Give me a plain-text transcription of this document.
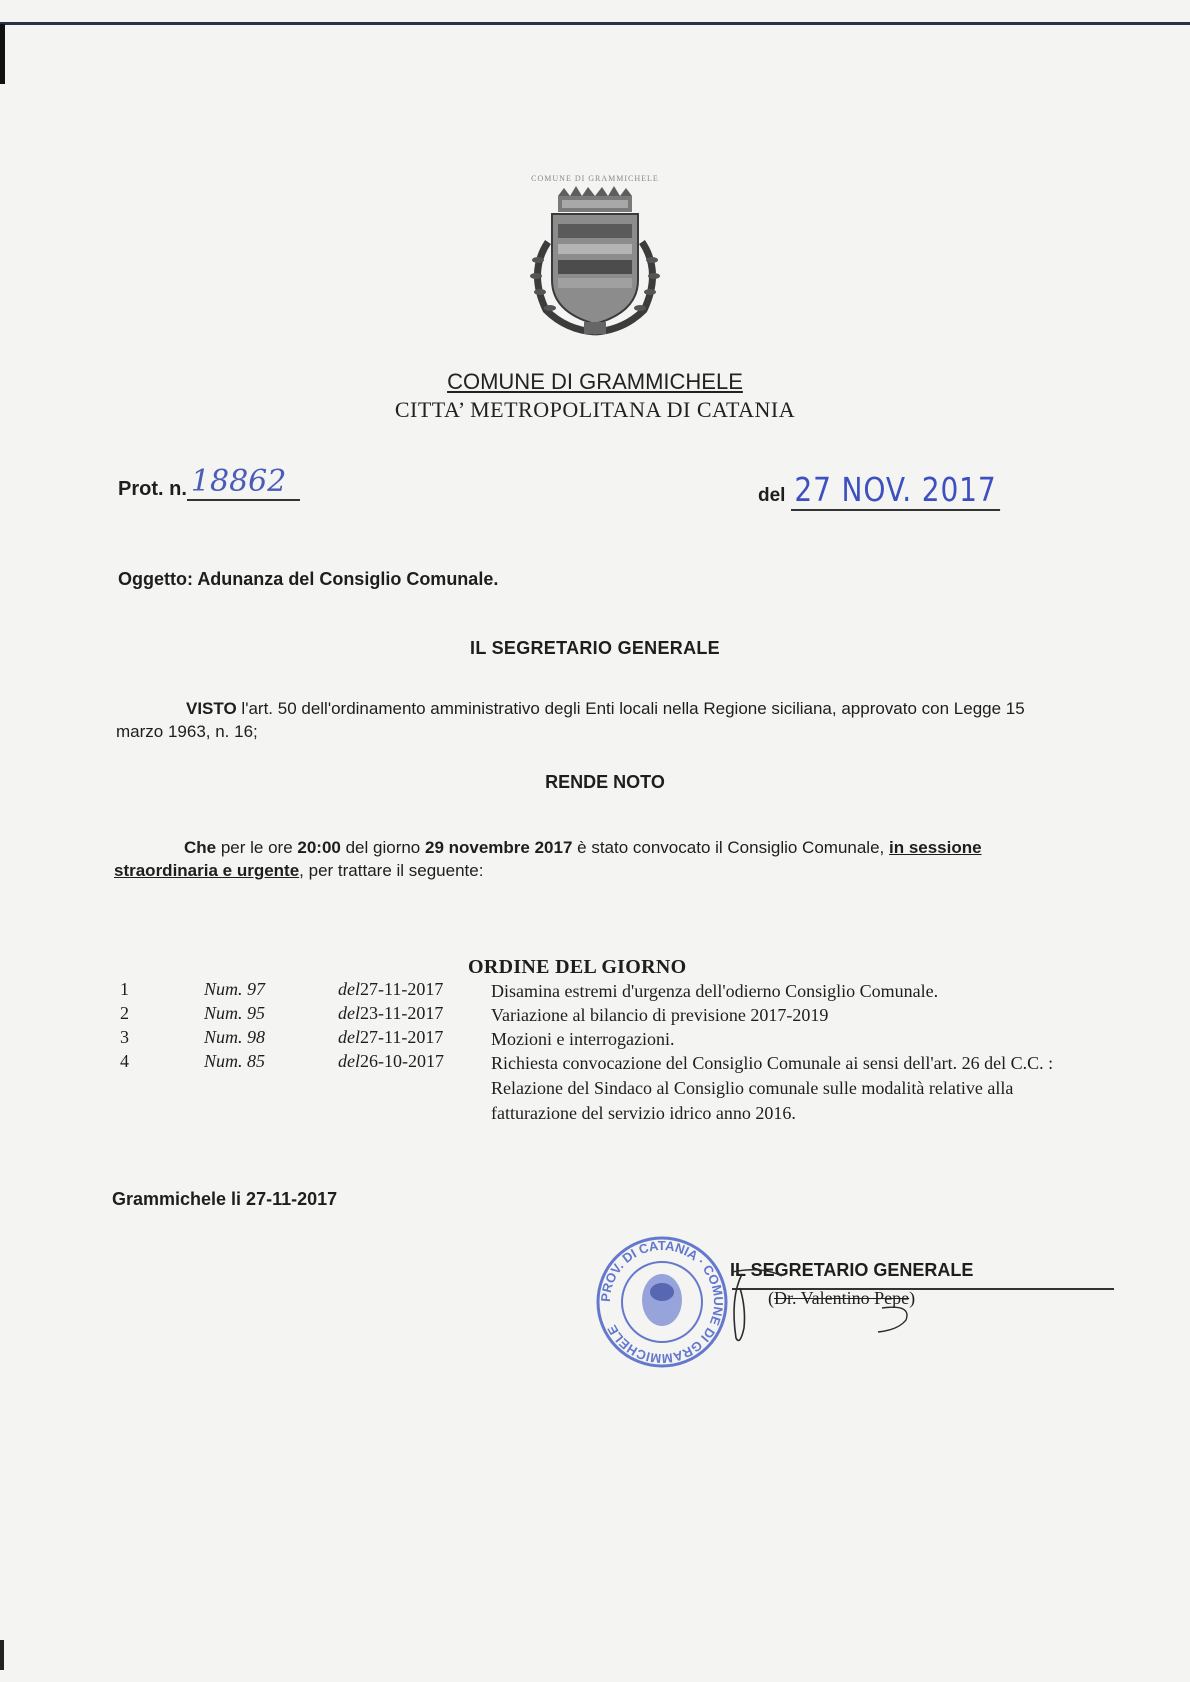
COMUNE DI GRAMMICHELE
COMUNE DI GRAMMICHELE
CITTA’ METROPOLITANA DI CATANIA
Prot. n. 18862	del 27 NOV. 2017
Oggetto: Adunanza del Consiglio Comunale.
IL SEGRETARIO GENERALE
VISTO l'art. 50 dell'ordinamento amministrativo degli Enti locali nella Regione siciliana, approvato con Legge 15 marzo 1963, n. 16;
RENDE NOTO
Che per le ore 20:00 del giorno 29 novembre 2017 è stato convocato il Consiglio Comunale, in sessione straordinaria e urgente, per trattare il seguente:
ORDINE DEL GIORNO
1	Num. 97	del27-11-2017	Disamina estremi d'urgenza dell'odierno Consiglio Comunale.
2	Num. 95	del23-11-2017	Variazione al bilancio di previsione 2017-2019
3	Num. 98	del27-11-2017	Mozioni e interrogazioni.
4	Num. 85	del26-10-2017	Richiesta convocazione del Consiglio Comunale ai sensi dell'art. 26 del C.C. : Relazione del Sindaco al Consiglio comunale sulle modalità relative alla fatturazione del servizio idrico anno 2016.
Grammichele li 27-11-2017
PROV. DI CATANIA · COMUNE DI GRAMMICHELE
IL SEGRETARIO GENERALE
(Dr. Valentino Pepe)
